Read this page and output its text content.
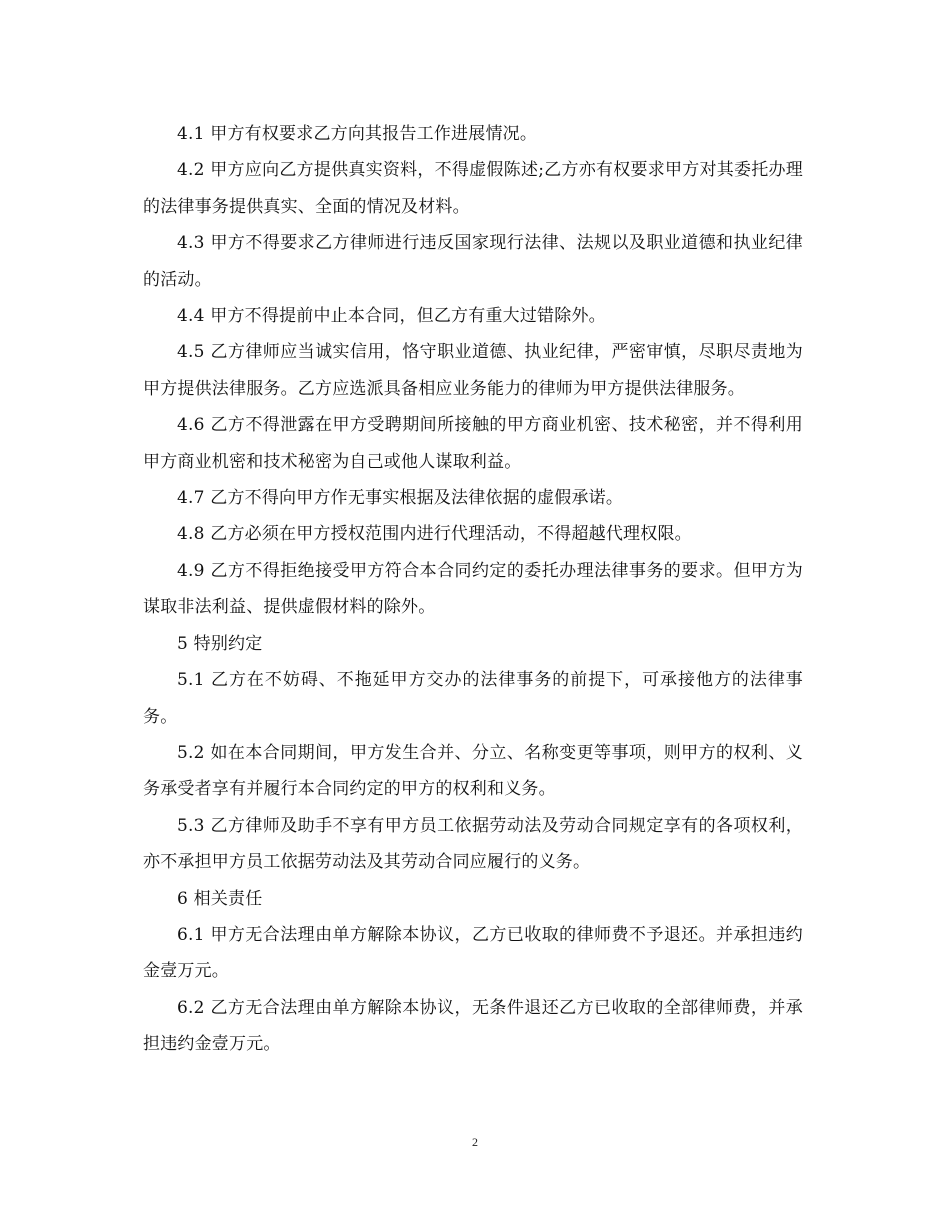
4.1 甲方有权要求乙方向其报告工作进展情况。

4.2 甲方应向乙方提供真实资料，不得虚假陈述;乙方亦有权要求甲方对其委托办理的法律事务提供真实、全面的情况及材料。

4.3 甲方不得要求乙方律师进行违反国家现行法律、法规以及职业道德和执业纪律的活动。

4.4 甲方不得提前中止本合同，但乙方有重大过错除外。

4.5 乙方律师应当诚实信用，恪守职业道德、执业纪律，严密审慎，尽职尽责地为甲方提供法律服务。乙方应选派具备相应业务能力的律师为甲方提供法律服务。

4.6 乙方不得泄露在甲方受聘期间所接触的甲方商业机密、技术秘密，并不得利用甲方商业机密和技术秘密为自己或他人谋取利益。

4.7 乙方不得向甲方作无事实根据及法律依据的虚假承诺。

4.8 乙方必须在甲方授权范围内进行代理活动，不得超越代理权限。

4.9 乙方不得拒绝接受甲方符合本合同约定的委托办理法律事务的要求。但甲方为谋取非法利益、提供虚假材料的除外。

5 特别约定

5.1 乙方在不妨碍、不拖延甲方交办的法律事务的前提下，可承接他方的法律事务。

5.2 如在本合同期间，甲方发生合并、分立、名称变更等事项，则甲方的权利、义务承受者享有并履行本合同约定的甲方的权利和义务。

5.3 乙方律师及助手不享有甲方员工依据劳动法及劳动合同规定享有的各项权利，亦不承担甲方员工依据劳动法及其劳动合同应履行的义务。

6 相关责任

6.1 甲方无合法理由单方解除本协议，乙方已收取的律师费不予退还。并承担违约金壹万元。

6.2 乙方无合法理由单方解除本协议，无条件退还乙方已收取的全部律师费，并承担违约金壹万元。

2
